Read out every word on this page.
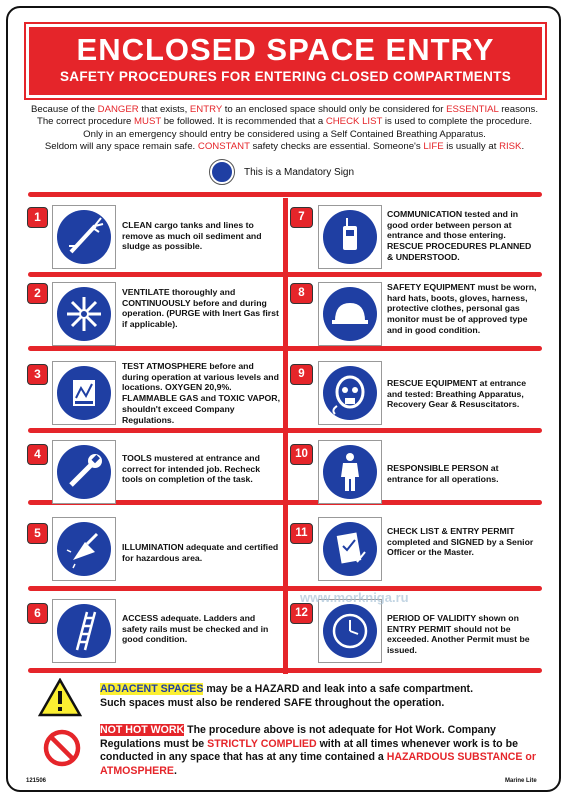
ENCLOSED SPACE ENTRY
SAFETY PROCEDURES FOR ENTERING CLOSED COMPARTMENTS
Because of the DANGER that exists, ENTRY to an enclosed space should only be considered for ESSENTIAL reasons.
The correct procedure MUST be followed. It is recommended that a CHECK LIST is used to complete the procedure.
Only in an emergency should entry be considered using a Self Contained Breathing Apparatus.
Seldom will any space remain safe. CONSTANT safety checks are essential. Someone's LIFE is usually at RISK.
This is a Mandatory Sign
1
CLEAN cargo tanks and lines to remove as much oil sediment and sludge as possible.
2	VENTILATE thoroughly and CONTINUOUSLY before and during operation. (PURGE with Inert Gas first if applicable).
3
TEST ATMOSPHERE before and during operation at various levels and locations. OXYGEN 20,9%. FLAMMABLE GAS and TOXIC VAPOR, shouldn't exceed Company Regulations.
4	TOOLS mustered at entrance and correct for intended job. Recheck tools on completion of the task.
5
ILLUMINATION adequate and certified for hazardous area.
6	ACCESS adequate. Ladders and safety rails must be checked and in good condition.
7	COMMUNICATION tested and in good order between person at entrance and those entering. RESCUE PROCEDURES PLANNED & UNDERSTOOD.
8	SAFETY EQUIPMENT must be worn, hard hats, boots, gloves, harness, protective clothes, personal gas monitor must be of approved type and in good condition.
9
RESCUE EQUIPMENT at entrance and tested: Breathing Apparatus, Recovery Gear & Resuscitators.
10
RESPONSIBLE PERSON at entrance for all operations.
11	CHECK LIST & ENTRY PERMIT completed and SIGNED by a Senior Officer or the Master.
12	PERIOD OF VALIDITY shown on ENTRY PERMIT should not be exceeded. Another Permit must be issued.
ADJACENT SPACES may be a HAZARD and leak into a safe compartment.
Such spaces must also be rendered SAFE throughout the operation.
NOT HOT WORK The procedure above is not adequate for Hot Work. Company Regulations must be STRICTLY COMPLIED with at all times whenever work is to be conducted in any space that has at any time contained a HAZARDOUS SUBSTANCE or ATMOSPHERE.
www.morkniga.ru
121506	Marine Lite
